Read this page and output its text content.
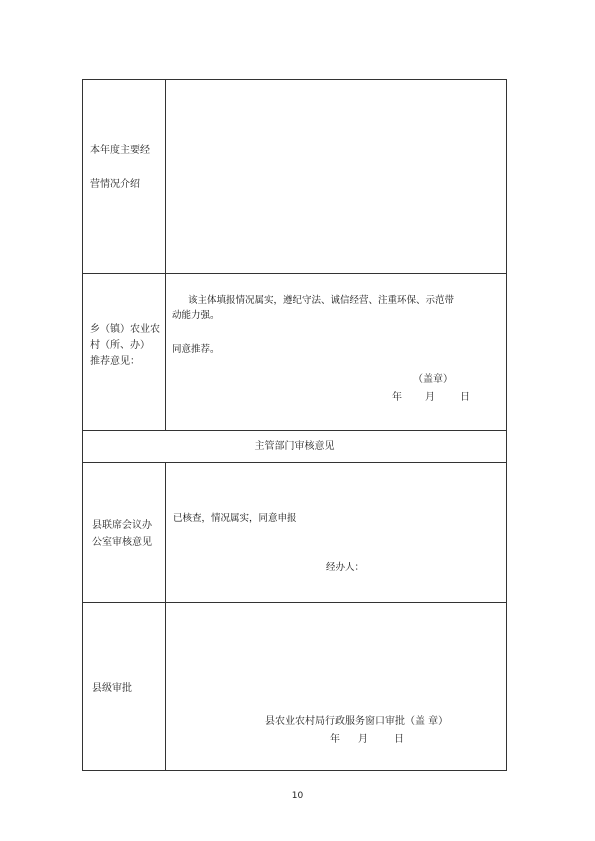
本年度主要经
营情况介绍
乡（镇）农业农
村（所、办）
推荐意见：
该主体填报情况属实，遵纪守法、诚信经营、注重环保、示范带
动能力强。
同意推荐。
（盖章）
年 月	日
主管部门审核意见
县联席会议办
公室审核意见
已核查，情况属实，同意申报
经办人：
县级审批
县农业农村局行政服务窗口审批（盖 章）
年 月	日
10
